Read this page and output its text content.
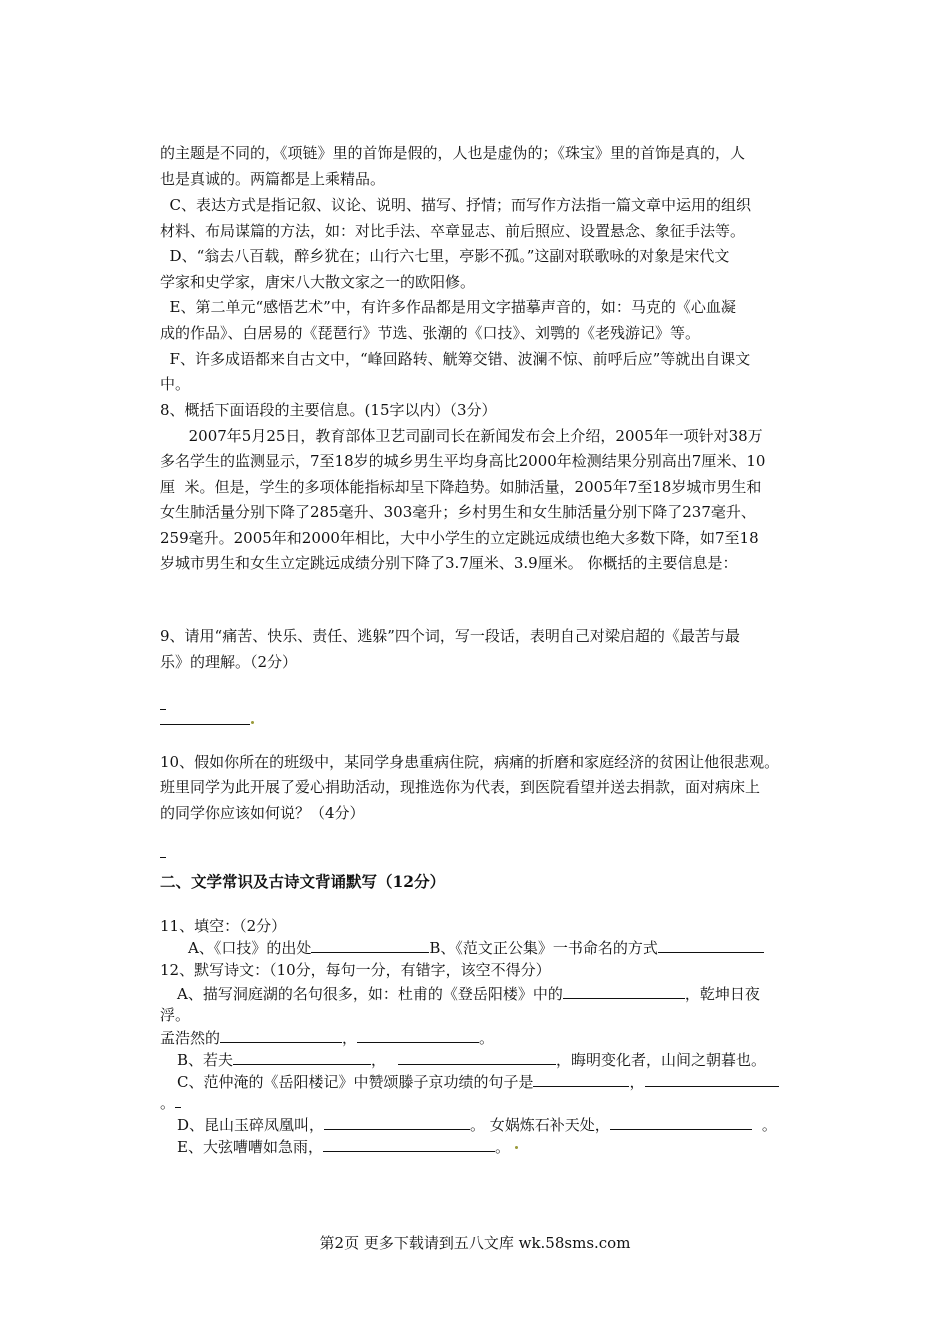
的主题是不同的，《项链》里的首饰是假的，人也是虚伪的；《珠宝》里的首饰是真的，人
也是真诚的。两篇都是上乘精品。
C、表达方式是指记叙、议论、说明、描写、抒情；而写作方法指一篇文章中运用的组织
材料、布局谋篇的方法，如：对比手法、卒章显志、前后照应、设置悬念、象征手法等。
D、“翁去八百载，醉乡犹在；山行六七里，亭影不孤。”这副对联歌咏的对象是宋代文
学家和史学家，唐宋八大散文家之一的欧阳修。
E、第二单元“感悟艺术”中，有许多作品都是用文字描摹声音的，如：马克的《心血凝
成的作品》、白居易的《琵琶行》节选、张潮的《口技》、刘鹗的《老残游记》等。
F、许多成语都来自古文中，“峰回路转、觥筹交错、波澜不惊、前呼后应”等就出自课文
中。
8、概括下面语段的主要信息。(15字以内）（3分）
2007年5月25日，教育部体卫艺司副司长在新闻发布会上介绍，2005年一项针对38万
多名学生的监测显示，7至18岁的城乡男生平均身高比2000年检测结果分别高出7厘米、10
厘  米。但是，学生的多项体能指标却呈下降趋势。如肺活量，2005年7至18岁城市男生和
女生肺活量分别下降了285毫升、303毫升；乡村男生和女生肺活量分别下降了237毫升、
259毫升。2005年和2000年相比，大中小学生的立定跳远成绩也绝大多数下降，如7至18
岁城市男生和女生立定跳远成绩分别下降了3.7厘米、3.9厘米。 你概括的主要信息是：
9、请用“痛苦、快乐、责任、逃躲”四个词，写一段话，表明自己对梁启超的《最苦与最
乐》的理解。（2分）
10、假如你所在的班级中，某同学身患重病住院，病痛的折磨和家庭经济的贫困让他很悲观。
班里同学为此开展了爱心捐助活动，现推选你为代表，到医院看望并送去捐款，面对病床上
的同学你应该如何说？（4分）
二、文学常识及古诗文背诵默写（12分）
11、填空：（2分）
A、《口技》的出处	B、《范文正公集》一书命名的方式
12、默写诗文：（10分，每句一分，有错字，该空不得分）
A、描写洞庭湖的名句很多，如：杜甫的《登岳阳楼》中的	，乾坤日夜
浮。
孟浩然的	，	。
B、若夫	，	，晦明变化者，山间之朝暮也。
C、范仲淹的《岳阳楼记》中赞颂滕子京功绩的句子是	，
。
D、昆山玉碎凤凰叫，	。 女娲炼石补天处，	。
E、大弦嘈嘈如急雨，	。
第2页 更多下载请到五八文库 wk.58sms.com
